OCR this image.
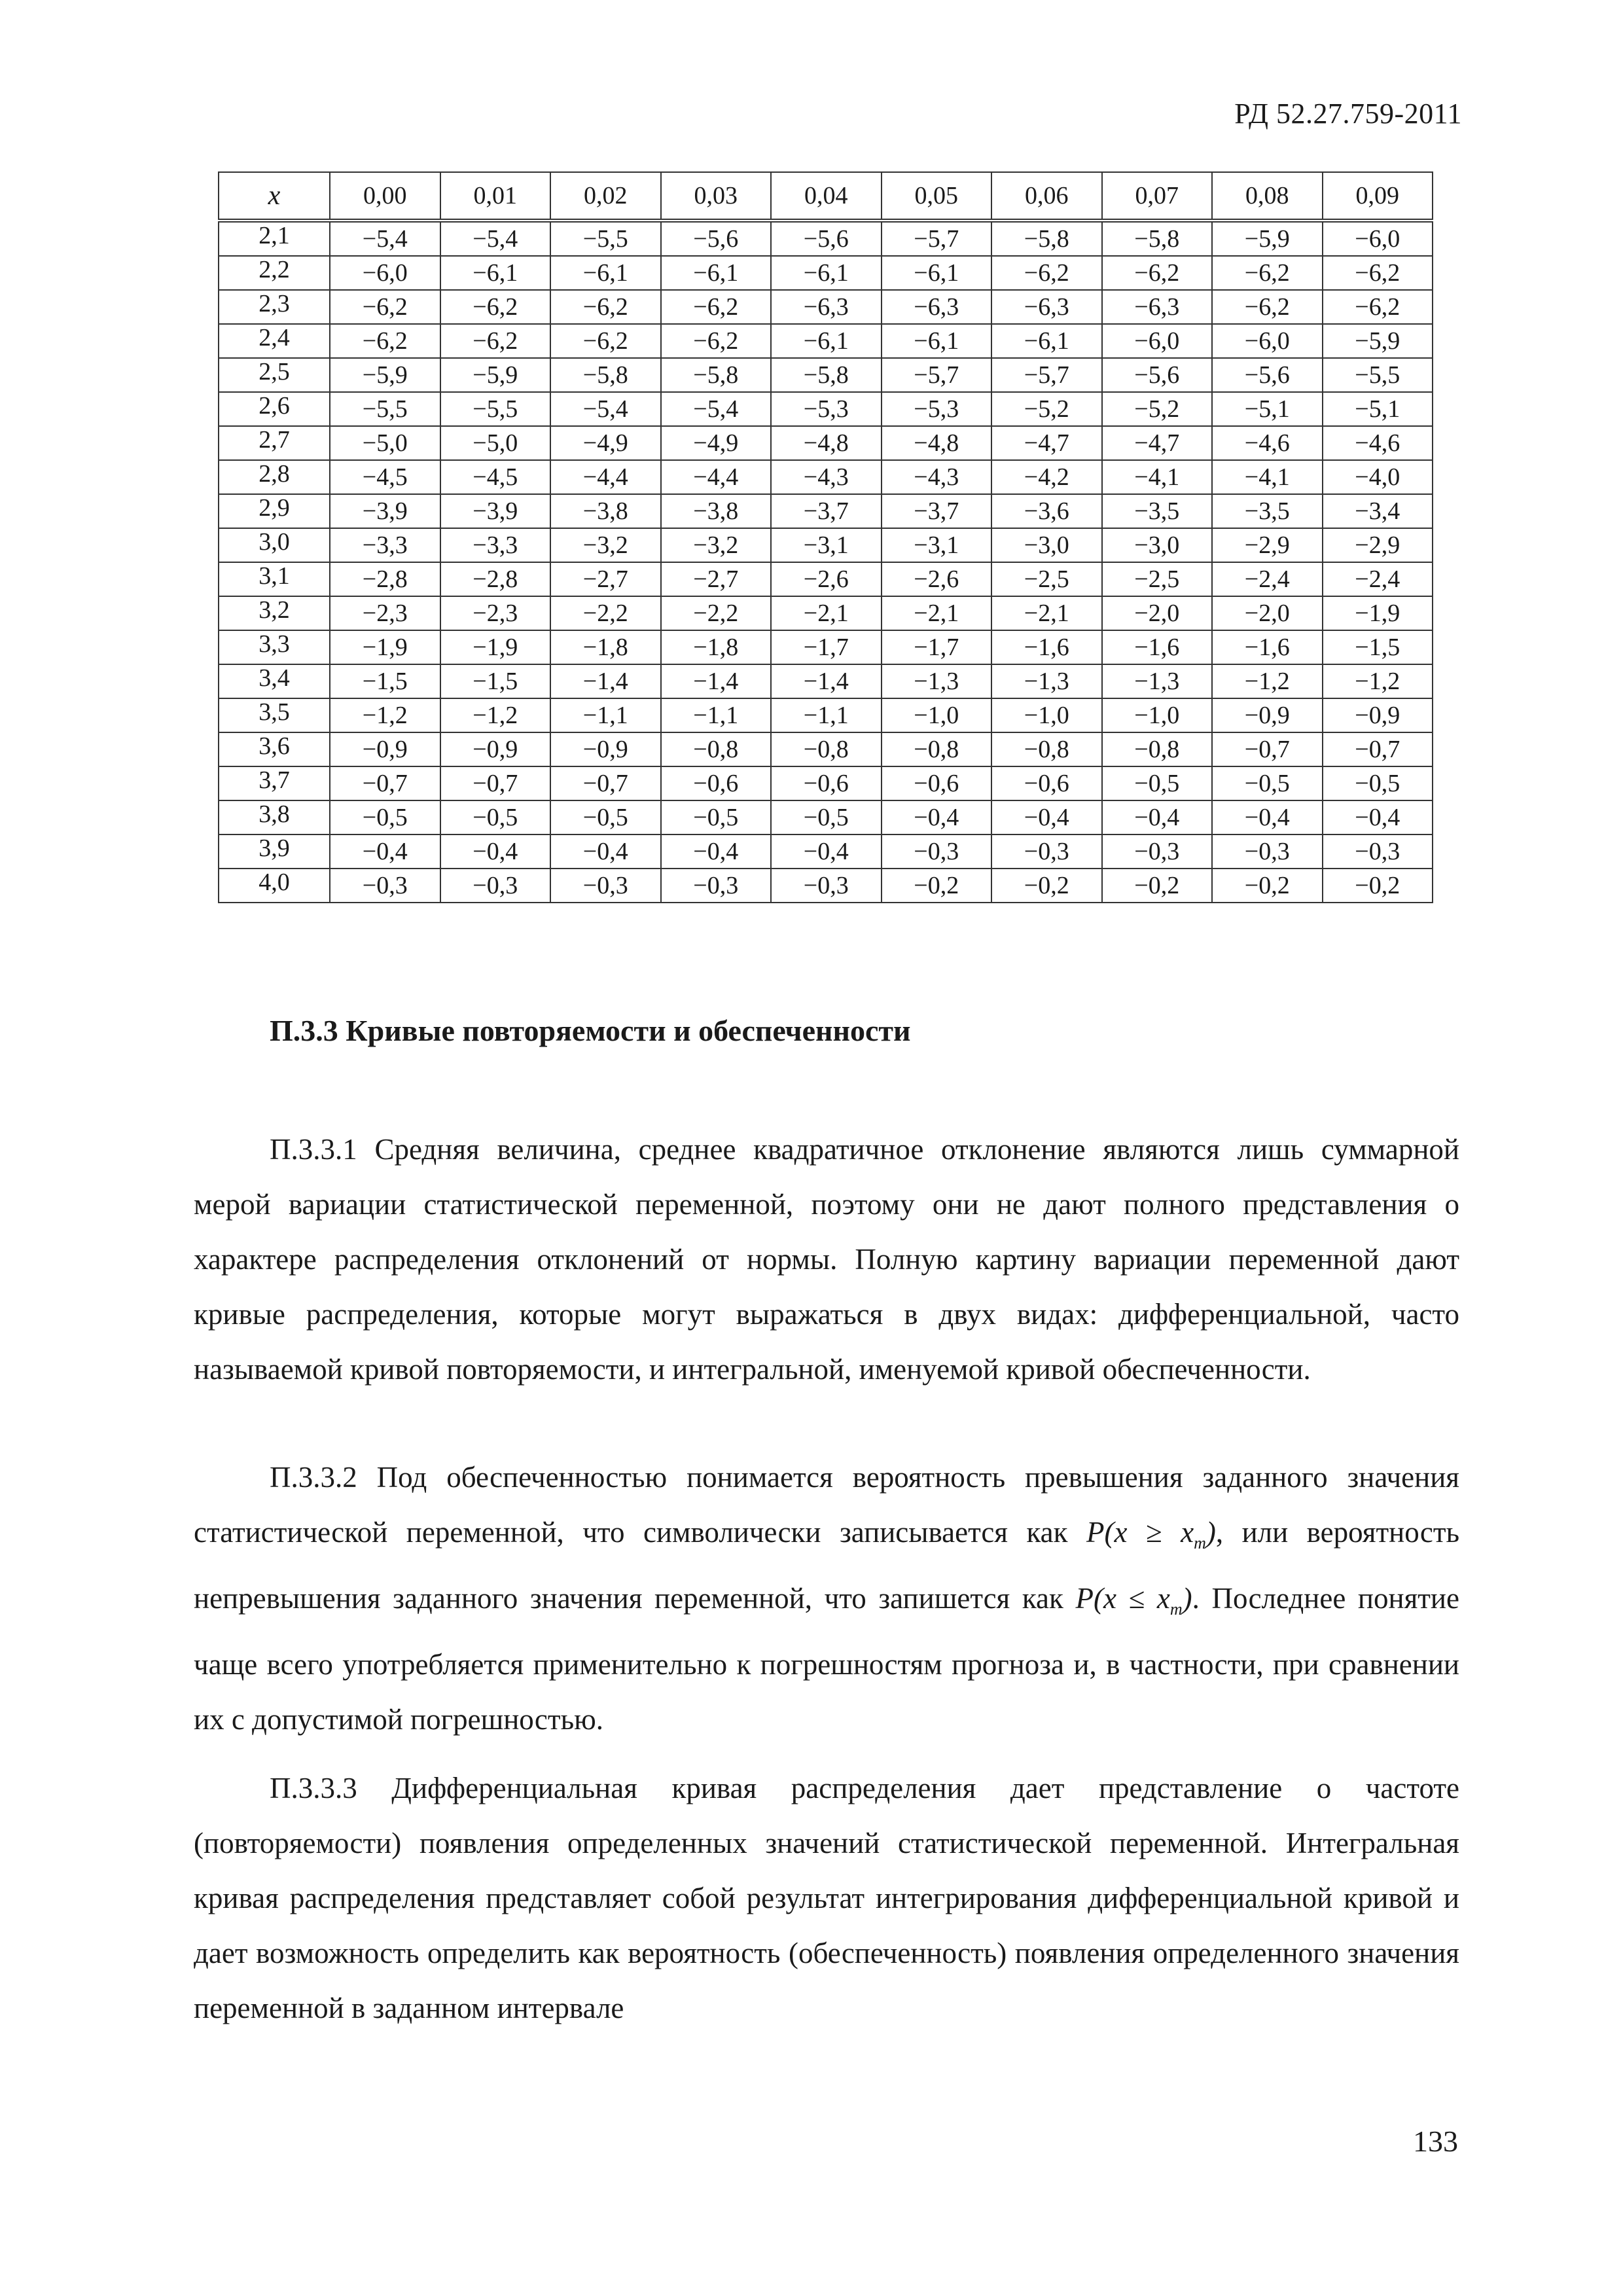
РД 52.27.759-2011
x	0,00	0,01	0,02	0,03	0,04	0,05	0,06	0,07	0,08	0,09
2,1	−5,4	−5,4	−5,5	−5,6	−5,6	−5,7	−5,8	−5,8	−5,9	−6,0
2,2	−6,0	−6,1	−6,1	−6,1	−6,1	−6,1	−6,2	−6,2	−6,2	−6,2
2,3	−6,2	−6,2	−6,2	−6,2	−6,3	−6,3	−6,3	−6,3	−6,2	−6,2
2,4	−6,2	−6,2	−6,2	−6,2	−6,1	−6,1	−6,1	−6,0	−6,0	−5,9
2,5	−5,9	−5,9	−5,8	−5,8	−5,8	−5,7	−5,7	−5,6	−5,6	−5,5
2,6	−5,5	−5,5	−5,4	−5,4	−5,3	−5,3	−5,2	−5,2	−5,1	−5,1
2,7	−5,0	−5,0	−4,9	−4,9	−4,8	−4,8	−4,7	−4,7	−4,6	−4,6
2,8	−4,5	−4,5	−4,4	−4,4	−4,3	−4,3	−4,2	−4,1	−4,1	−4,0
2,9	−3,9	−3,9	−3,8	−3,8	−3,7	−3,7	−3,6	−3,5	−3,5	−3,4
3,0	−3,3	−3,3	−3,2	−3,2	−3,1	−3,1	−3,0	−3,0	−2,9	−2,9
3,1	−2,8	−2,8	−2,7	−2,7	−2,6	−2,6	−2,5	−2,5	−2,4	−2,4
3,2	−2,3	−2,3	−2,2	−2,2	−2,1	−2,1	−2,1	−2,0	−2,0	−1,9
3,3	−1,9	−1,9	−1,8	−1,8	−1,7	−1,7	−1,6	−1,6	−1,6	−1,5
3,4	−1,5	−1,5	−1,4	−1,4	−1,4	−1,3	−1,3	−1,3	−1,2	−1,2
3,5	−1,2	−1,2	−1,1	−1,1	−1,1	−1,0	−1,0	−1,0	−0,9	−0,9
3,6	−0,9	−0,9	−0,9	−0,8	−0,8	−0,8	−0,8	−0,8	−0,7	−0,7
3,7	−0,7	−0,7	−0,7	−0,6	−0,6	−0,6	−0,6	−0,5	−0,5	−0,5
3,8	−0,5	−0,5	−0,5	−0,5	−0,5	−0,4	−0,4	−0,4	−0,4	−0,4
3,9	−0,4	−0,4	−0,4	−0,4	−0,4	−0,3	−0,3	−0,3	−0,3	−0,3
4,0	−0,3	−0,3	−0,3	−0,3	−0,3	−0,2	−0,2	−0,2	−0,2	−0,2
П.3.3 Кривые повторяемости и обеспеченности
П.3.3.1 Средняя величина, среднее квадратичное отклонение являются лишь суммарной мерой вариации статистической переменной, поэтому они не дают полного представления о характере распределения отклонений от нормы. Полную картину вариации переменной дают кривые распределения, которые могут выражаться в двух видах: дифференциальной, часто называемой кривой повторяемости, и интегральной, именуемой кривой обеспеченности.
П.3.3.2 Под обеспеченностью понимается вероятность превышения заданного значения статистической переменной, что символически записывается как $P(x \ge x_m)$, или вероятность непревышения заданного значения переменной, что запишется как $P(x \le x_m)$. Последнее понятие чаще всего употребляется применительно к погрешностям прогноза и, в частности, при сравнении их с допустимой погрешностью.
П.3.3.3 Дифференциальная кривая распределения дает представление о частоте (повторяемости) появления определенных значений статистической переменной. Интегральная кривая распределения представляет собой результат интегрирования дифференциальной кривой и дает возможность определить как вероятность (обеспеченность) появления определенного значения переменной в заданном интервале
133
